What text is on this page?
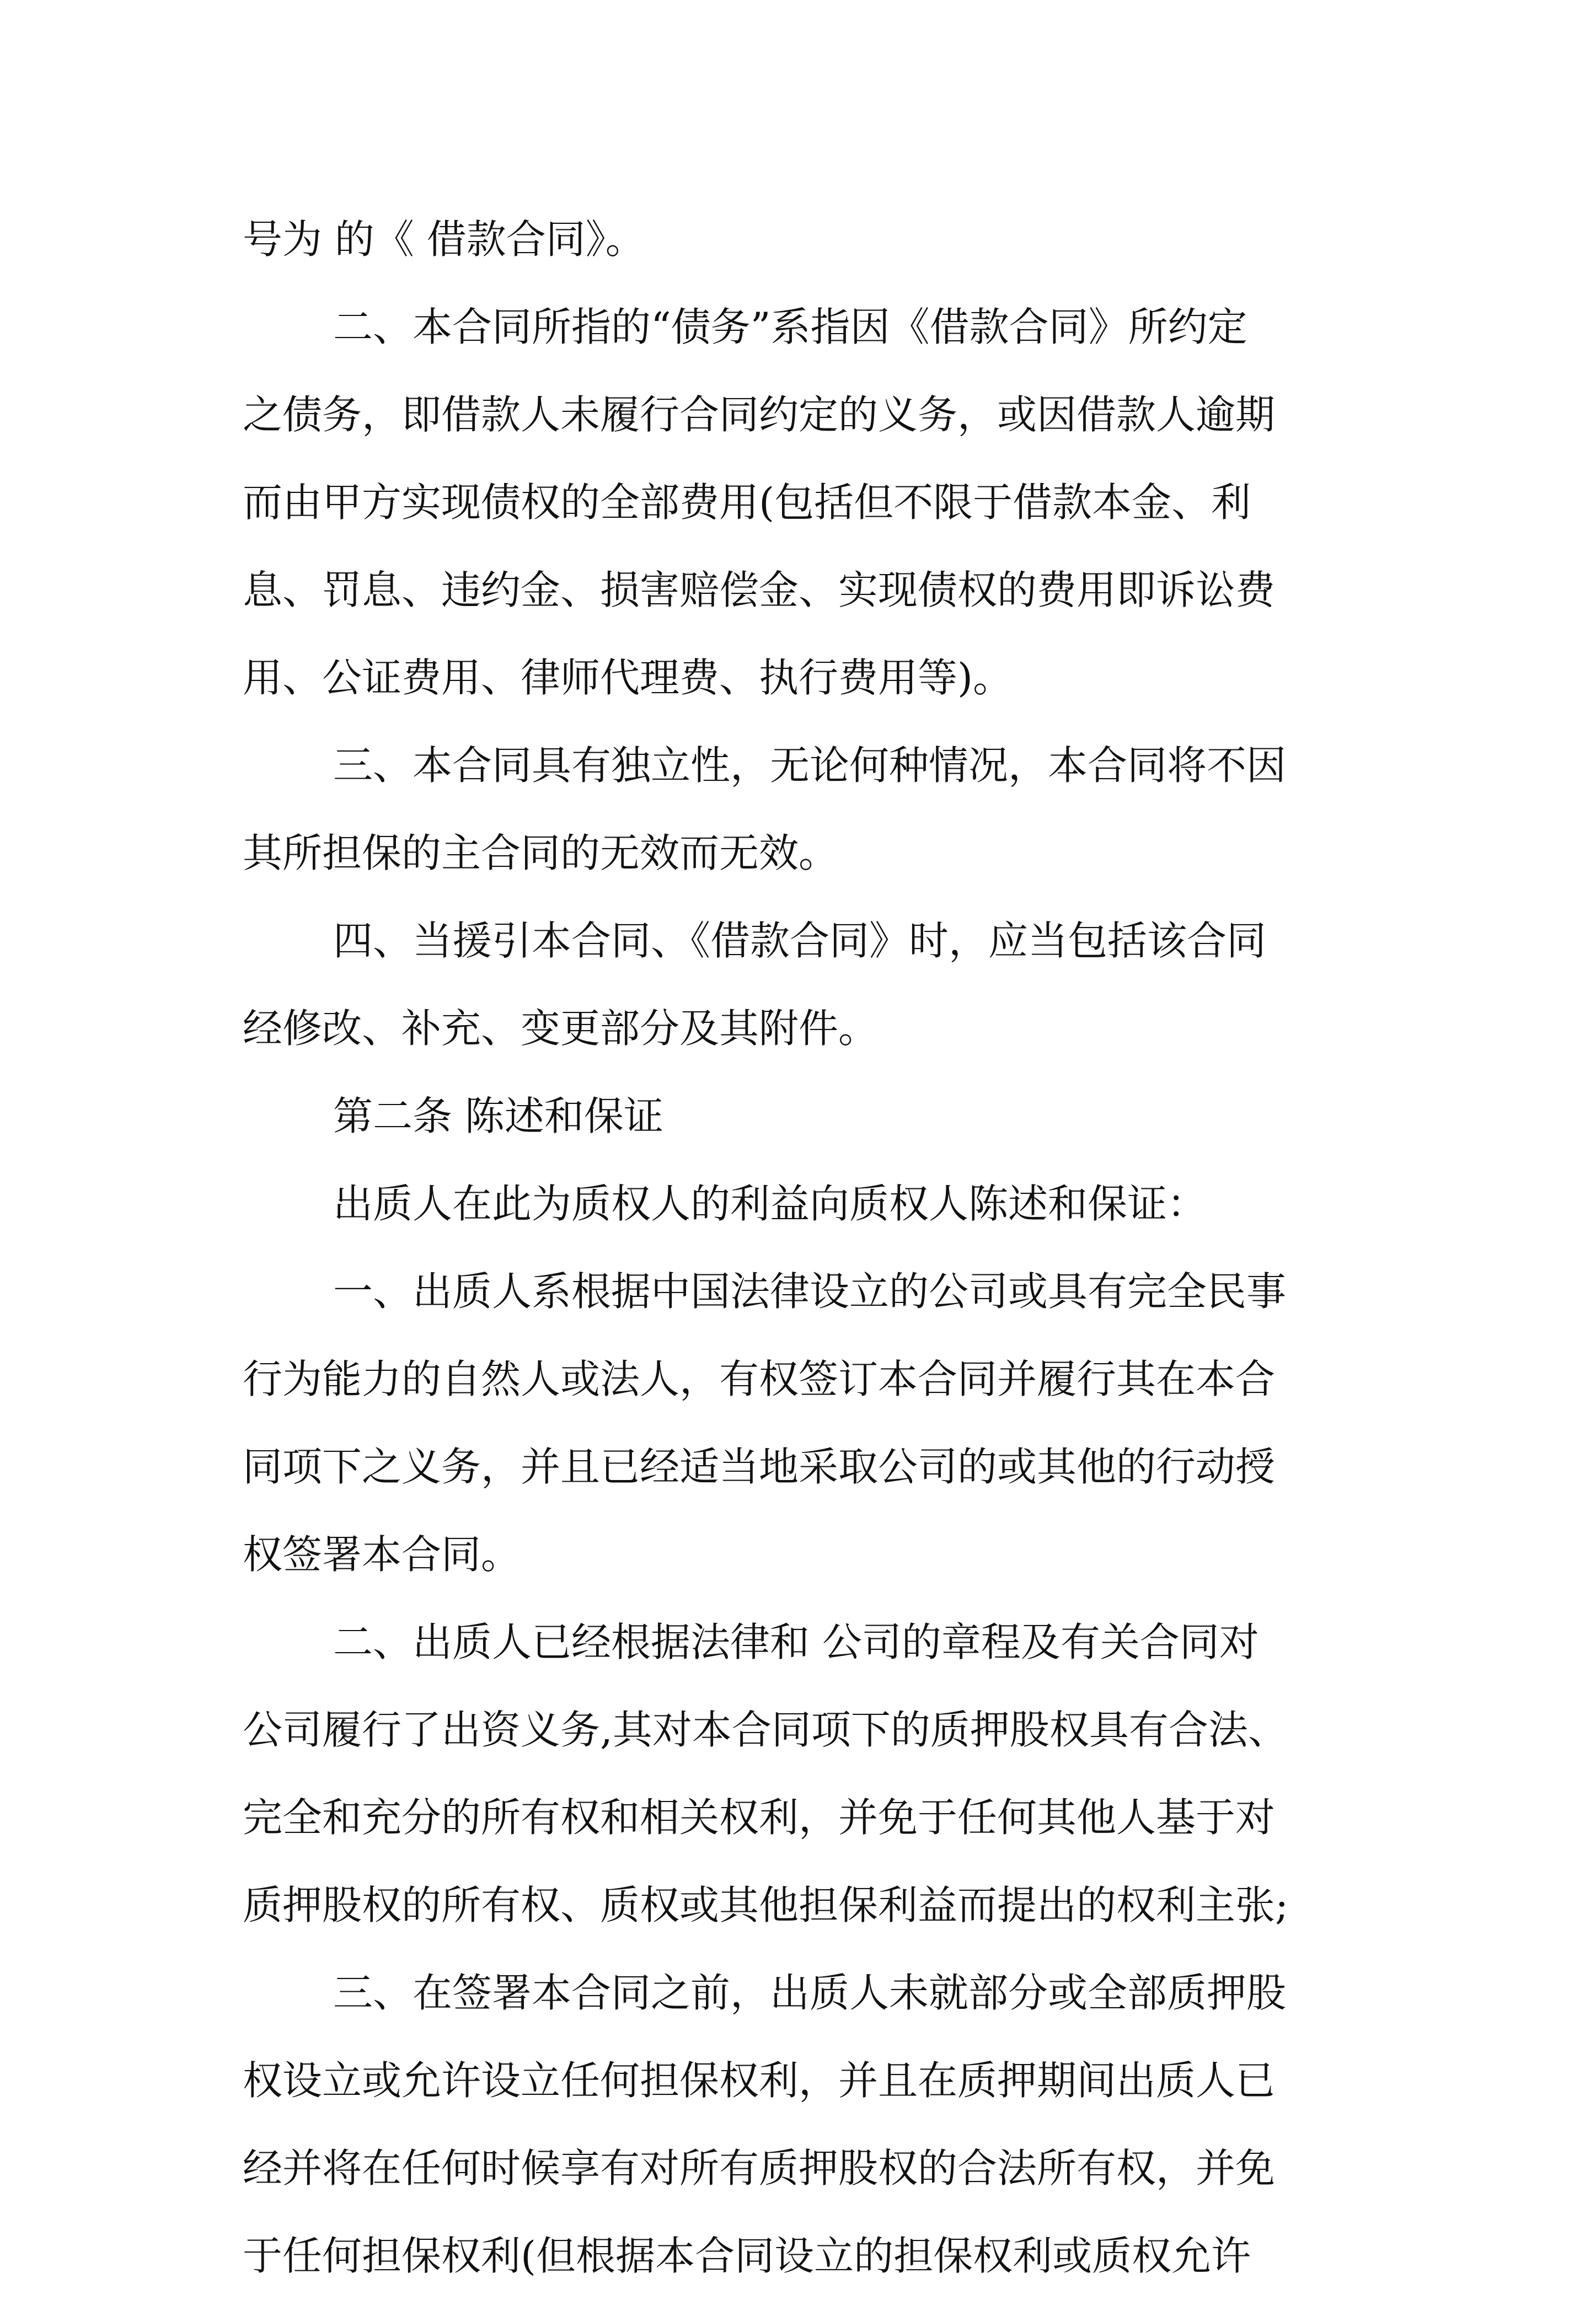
号为 的《 借款合同》。
二、本合同所指的“债务”系指因《借款合同》所约定
之债务，即借款人未履行合同约定的义务，或因借款人逾期
而由甲方实现债权的全部费用(包括但不限于借款本金、利
息、罚息、违约金、损害赔偿金、实现债权的费用即诉讼费
用、公证费用、律师代理费、执行费用等)。
三、本合同具有独立性，无论何种情况，本合同将不因
其所担保的主合同的无效而无效。
四、当援引本合同、《借款合同》时，应当包括该合同
经修改、补充、变更部分及其附件。
第二条 陈述和保证
出质人在此为质权人的利益向质权人陈述和保证：
一、出质人系根据中国法律设立的公司或具有完全民事
行为能力的自然人或法人，有权签订本合同并履行其在本合
同项下之义务，并且已经适当地采取公司的或其他的行动授
权签署本合同。
二、出质人已经根据法律和 公司的章程及有关合同对
公司履行了出资义务,其对本合同项下的质押股权具有合法、
完全和充分的所有权和相关权利，并免于任何其他人基于对
质押股权的所有权、质权或其他担保利益而提出的权利主张;
三、在签署本合同之前，出质人未就部分或全部质押股
权设立或允许设立任何担保权利，并且在质押期间出质人已
经并将在任何时候享有对所有质押股权的合法所有权，并免
于任何担保权利(但根据本合同设立的担保权利或质权允许
